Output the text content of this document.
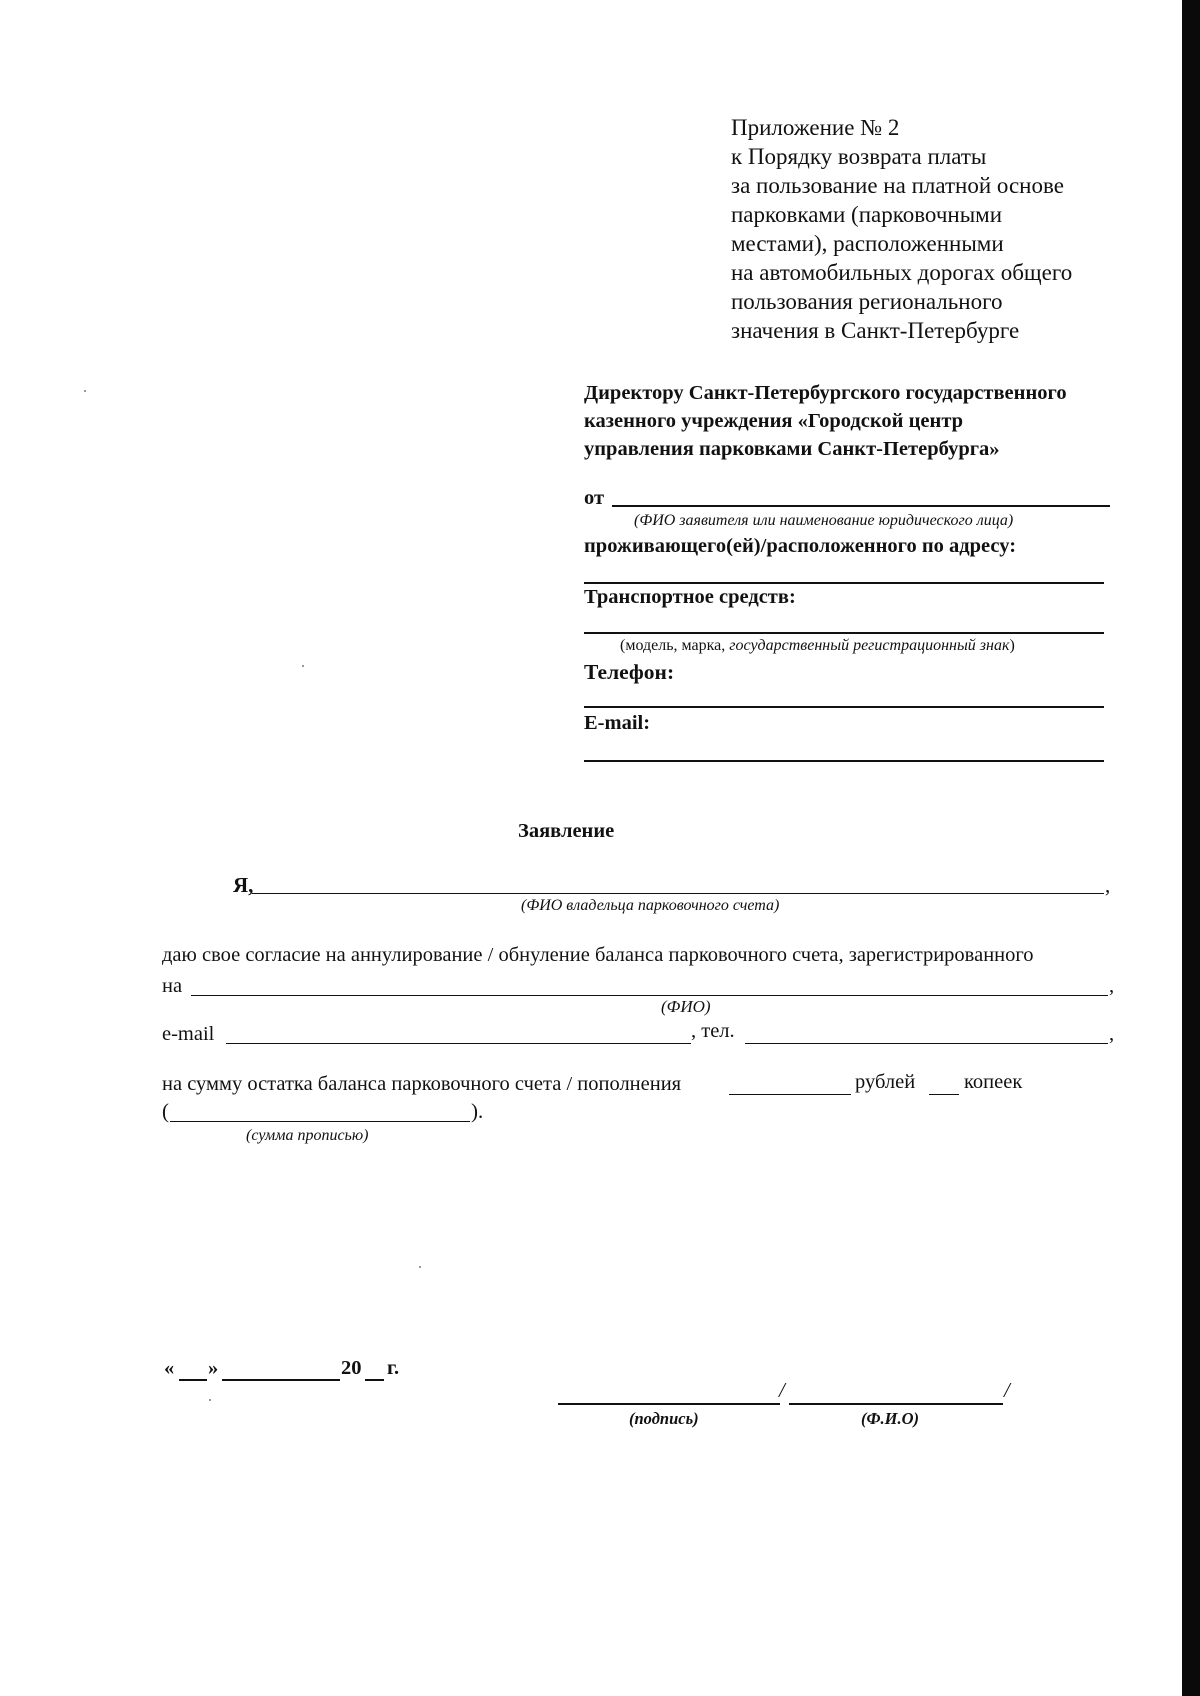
Приложение № 2
к Порядку возврата платы
за пользование на платной основе
парковками (парковочными
местами), расположенными
на автомобильных дорогах общего
пользования регионального
значения в Санкт-Петербурге
Директору Санкт-Петербургского государственного
казенного учреждения «Городской центр
управления парковками Санкт-Петербурга»
от
(ФИО заявителя или наименование юридического лица)
проживающего(ей)/расположенного по адресу:
Транспортное средств:
(модель, марка, государственный регистрационный знак)
Телефон:
E-mail:
Заявление
Я,	,
(ФИО владельца парковочного счета)
даю свое согласие на аннулирование / обнуление баланса парковочного счета, зарегистрированного
на	,
(ФИО)
e-mail	, тел.	,
на сумму остатка баланса парковочного счета / пополнения	рублей копеек
(	).
(сумма прописью)
« »	20 г.
/	/
(подпись)	(Ф.И.О)
